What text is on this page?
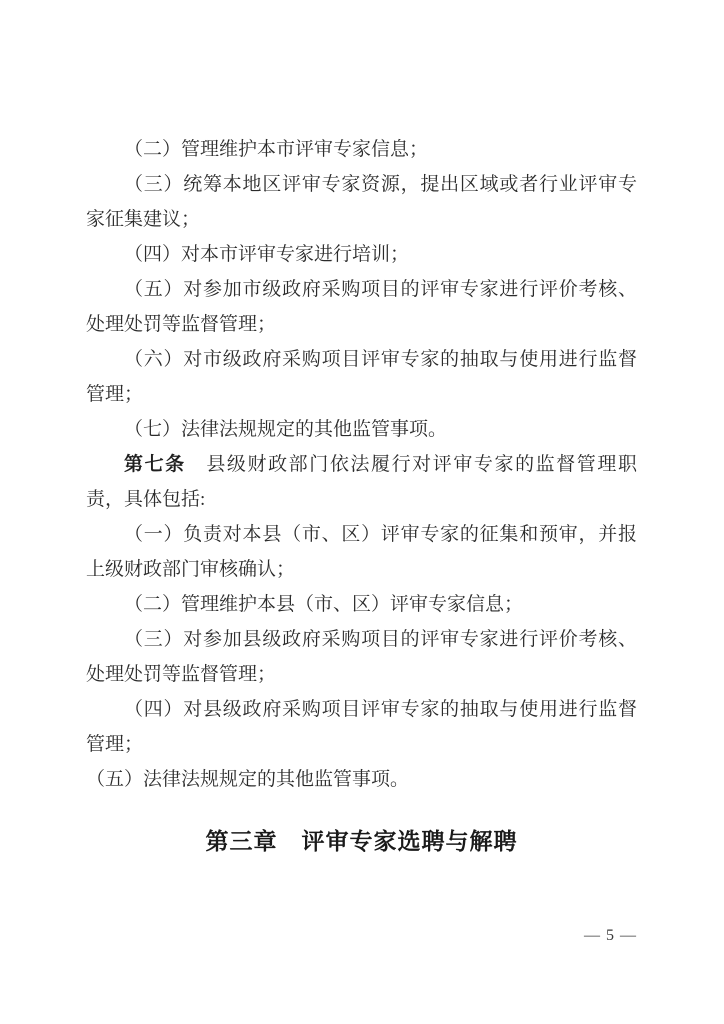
（二）管理维护本市评审专家信息；
（三）统筹本地区评审专家资源，提出区域或者行业评审专
家征集建议；
（四）对本市评审专家进行培训；
（五）对参加市级政府采购项目的评审专家进行评价考核、
处理处罚等监督管理；
（六）对市级政府采购项目评审专家的抽取与使用进行监督
管理；
（七）法律法规规定的其他监管事项。
第七条　 县级财政部门依法履行对评审专家的监督管理职
责，具体包括:
（一）负责对本县（市、区）评审专家的征集和预审，并报
上级财政部门审核确认；
（二）管理维护本县（市、区）评审专家信息；
（三）对参加县级政府采购项目的评审专家进行评价考核、
处理处罚等监督管理；
（四）对县级政府采购项目评审专家的抽取与使用进行监督
管理；
（五）法律法规规定的其他监管事项。
第三章　评审专家选聘与解聘
— 5 —
